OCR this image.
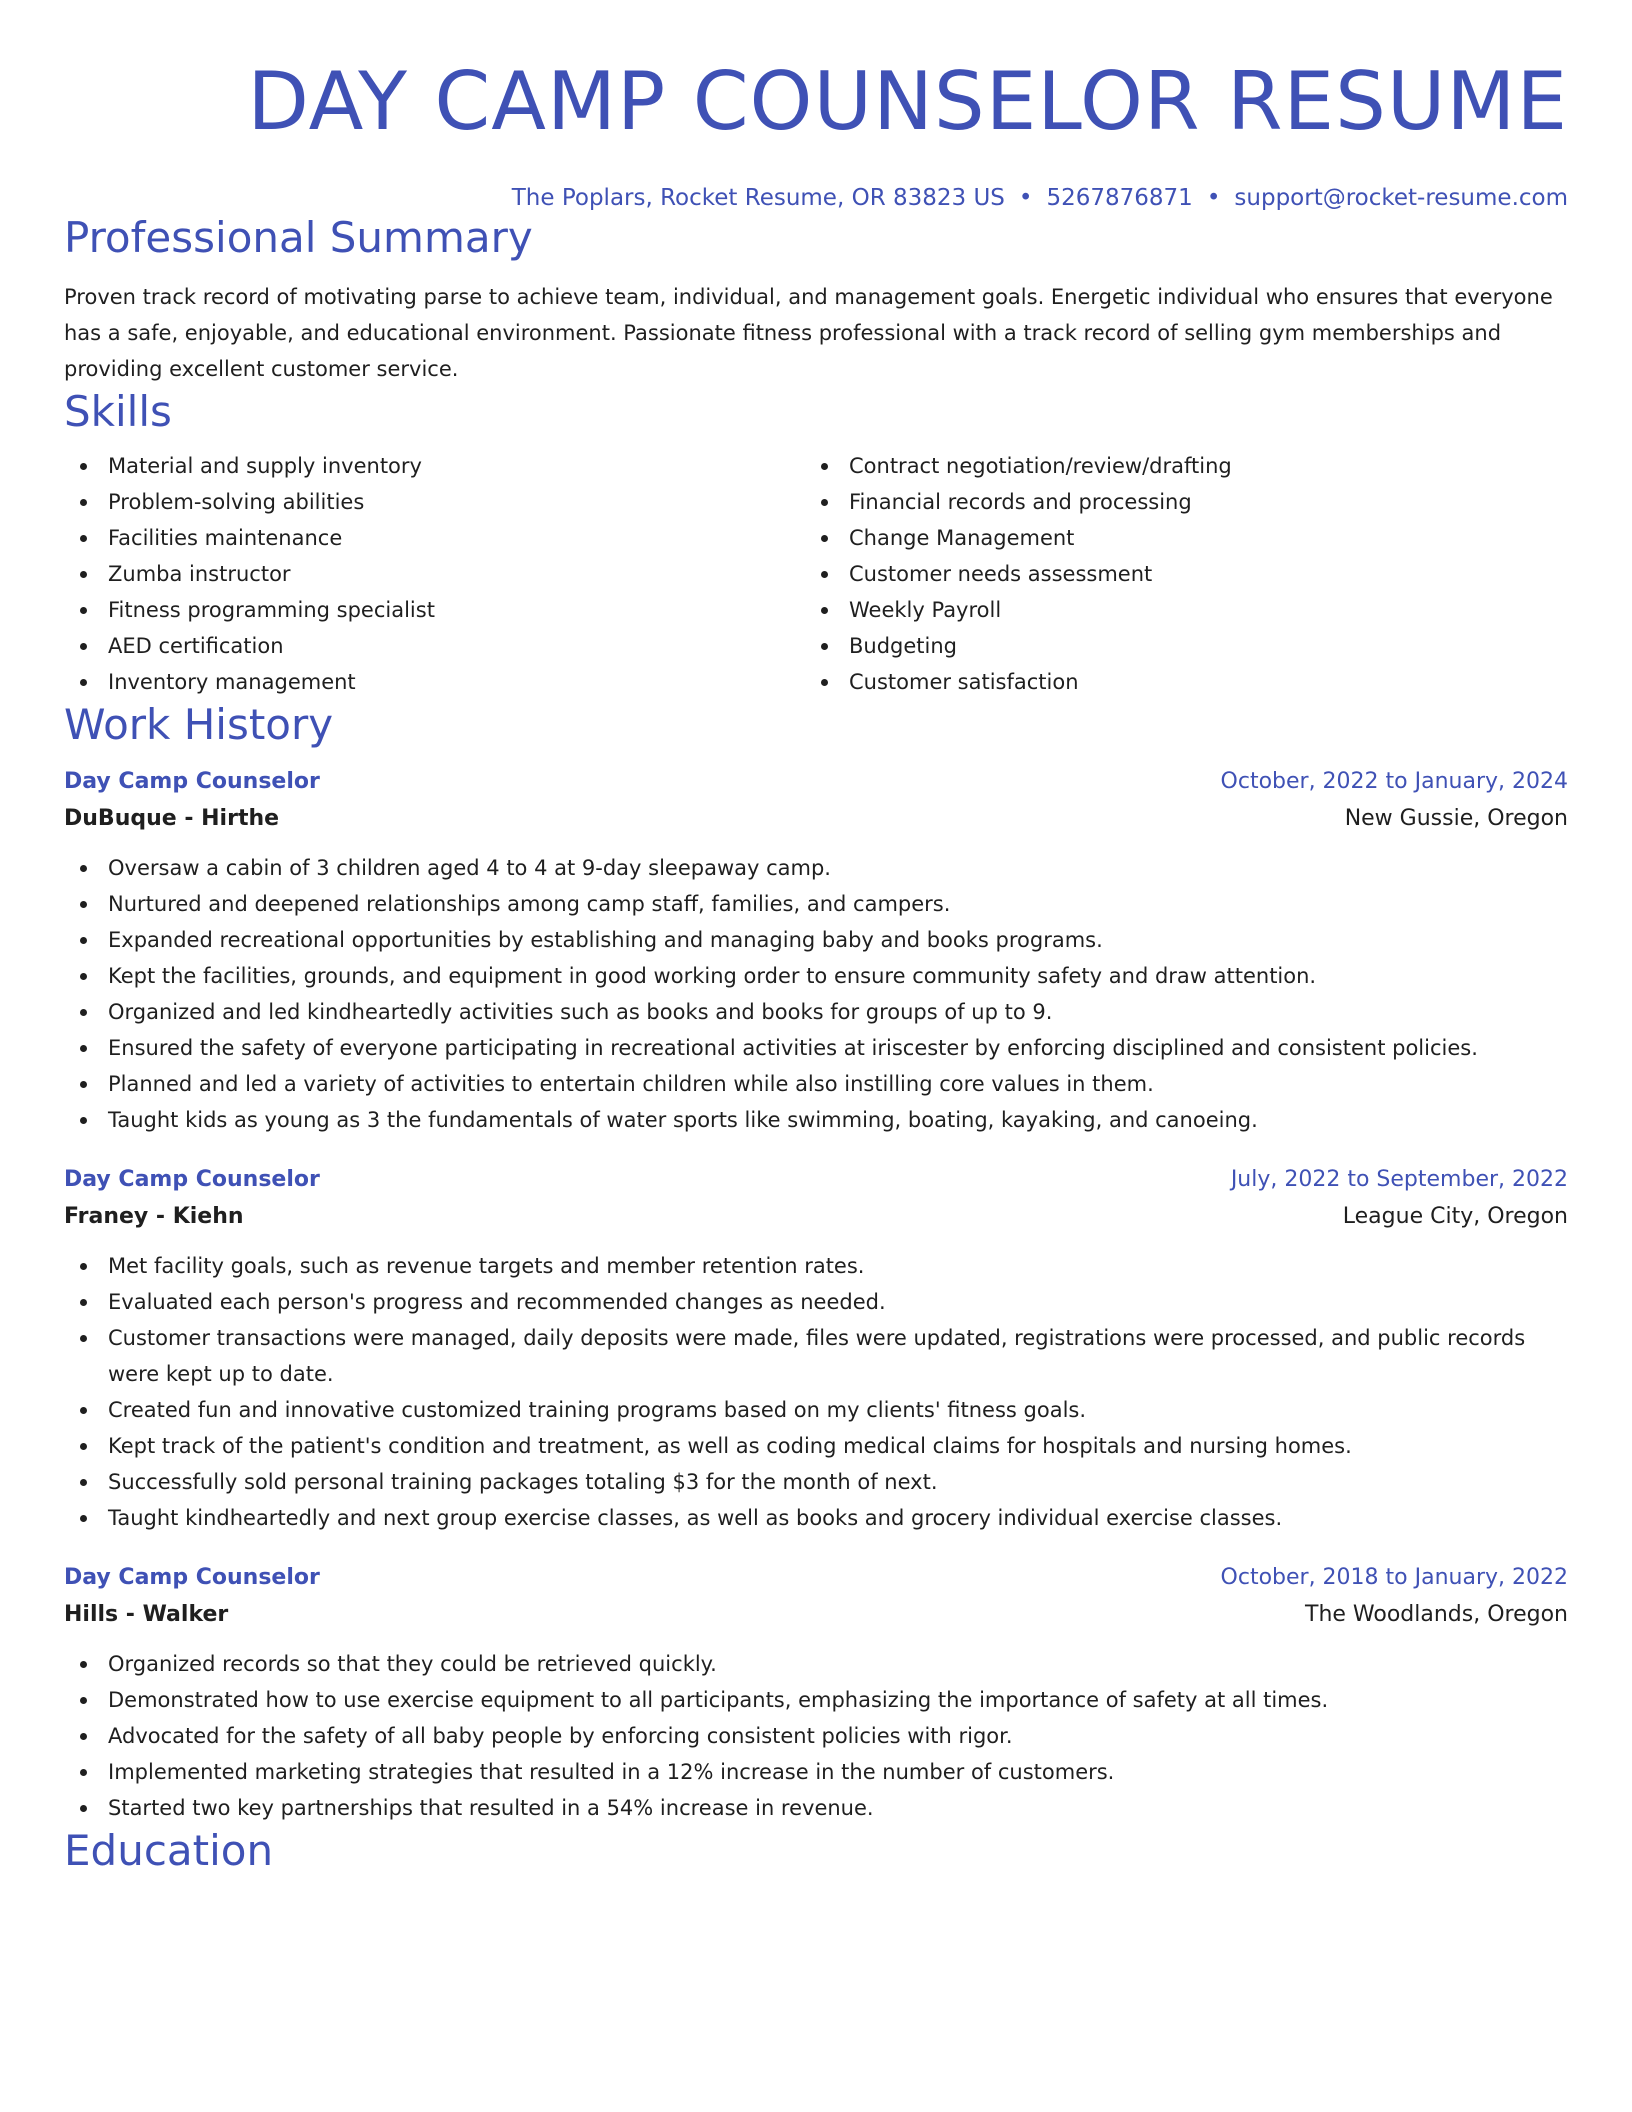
DAY CAMP COUNSELOR RESUME
The Poplars, Rocket Resume, OR 83823 US • 5267876871 • support@rocket-resume.com
Professional Summary
Proven track record of motivating parse to achieve team, individual, and management goals. Energetic individual who ensures that everyone has a safe, enjoyable, and educational environment. Passionate fitness professional with a track record of selling gym memberships and providing excellent customer service.
Skills
Material and supply inventory
Problem-solving abilities
Facilities maintenance
Zumba instructor
Fitness programming specialist
AED certification
Inventory management
Contract negotiation/review/drafting
Financial records and processing
Change Management
Customer needs assessment
Weekly Payroll
Budgeting
Customer satisfaction
Work History
Day Camp Counselor	October, 2022 to January, 2024
DuBuque - Hirthe	New Gussie, Oregon
Oversaw a cabin of 3 children aged 4 to 4 at 9-day sleepaway camp.
Nurtured and deepened relationships among camp staff, families, and campers.
Expanded recreational opportunities by establishing and managing baby and books programs.
Kept the facilities, grounds, and equipment in good working order to ensure community safety and draw attention.
Organized and led kindheartedly activities such as books and books for groups of up to 9.
Ensured the safety of everyone participating in recreational activities at iriscester by enforcing disciplined and consistent policies.
Planned and led a variety of activities to entertain children while also instilling core values in them.
Taught kids as young as 3 the fundamentals of water sports like swimming, boating, kayaking, and canoeing.
Day Camp Counselor	July, 2022 to September, 2022
Franey - Kiehn	League City, Oregon
Met facility goals, such as revenue targets and member retention rates.
Evaluated each person's progress and recommended changes as needed.
Customer transactions were managed, daily deposits were made, files were updated, registrations were processed, and public records were kept up to date.
Created fun and innovative customized training programs based on my clients' fitness goals.
Kept track of the patient's condition and treatment, as well as coding medical claims for hospitals and nursing homes.
Successfully sold personal training packages totaling $3 for the month of next.
Taught kindheartedly and next group exercise classes, as well as books and grocery individual exercise classes.
Day Camp Counselor	October, 2018 to January, 2022
Hills - Walker	The Woodlands, Oregon
Organized records so that they could be retrieved quickly.
Demonstrated how to use exercise equipment to all participants, emphasizing the importance of safety at all times.
Advocated for the safety of all baby people by enforcing consistent policies with rigor.
Implemented marketing strategies that resulted in a 12% increase in the number of customers.
Started two key partnerships that resulted in a 54% increase in revenue.
Education
